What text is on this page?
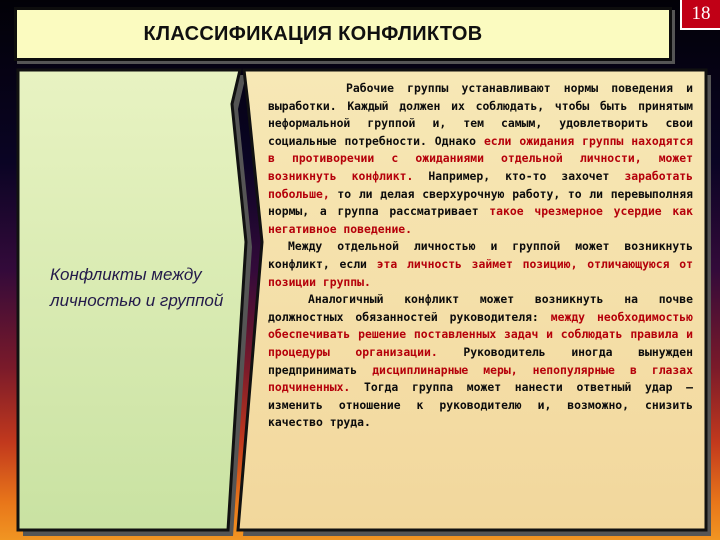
КЛАССИФИКАЦИЯ КОНФЛИКТОВ
18
Конфликты между личностью и группой

Рабочие группы устанавливают нормы поведения и выработки. Каждый должен их соблюдать, чтобы быть принятым неформальной группой и, тем самым, удовлетворить свои социальные потребности. Однако если ожидания группы находятся в противоречии с ожиданиями отдельной личности, может возникнуть конфликт. Например, кто-то захочет заработать побольше, то ли делая сверхурочную работу, то ли перевыполняя нормы, а группа рассматривает такое чрезмерное усердие как негативное поведение.

Между отдельной личностью и группой может возникнуть конфликт, если эта личность займет позицию, отличающуюся от позиции группы.

Аналогичный конфликт может возникнуть на почве должностных обязанностей руководителя: между необходимостью обеспечивать решение поставленных задач и соблюдать правила и процедуры организации. Руководитель иногда вынужден предпринимать дисциплинарные меры, непопулярные в глазах подчиненных. Тогда группа может нанести ответный удар – изменить отношение к руководителю и, возможно, снизить качество труда.
